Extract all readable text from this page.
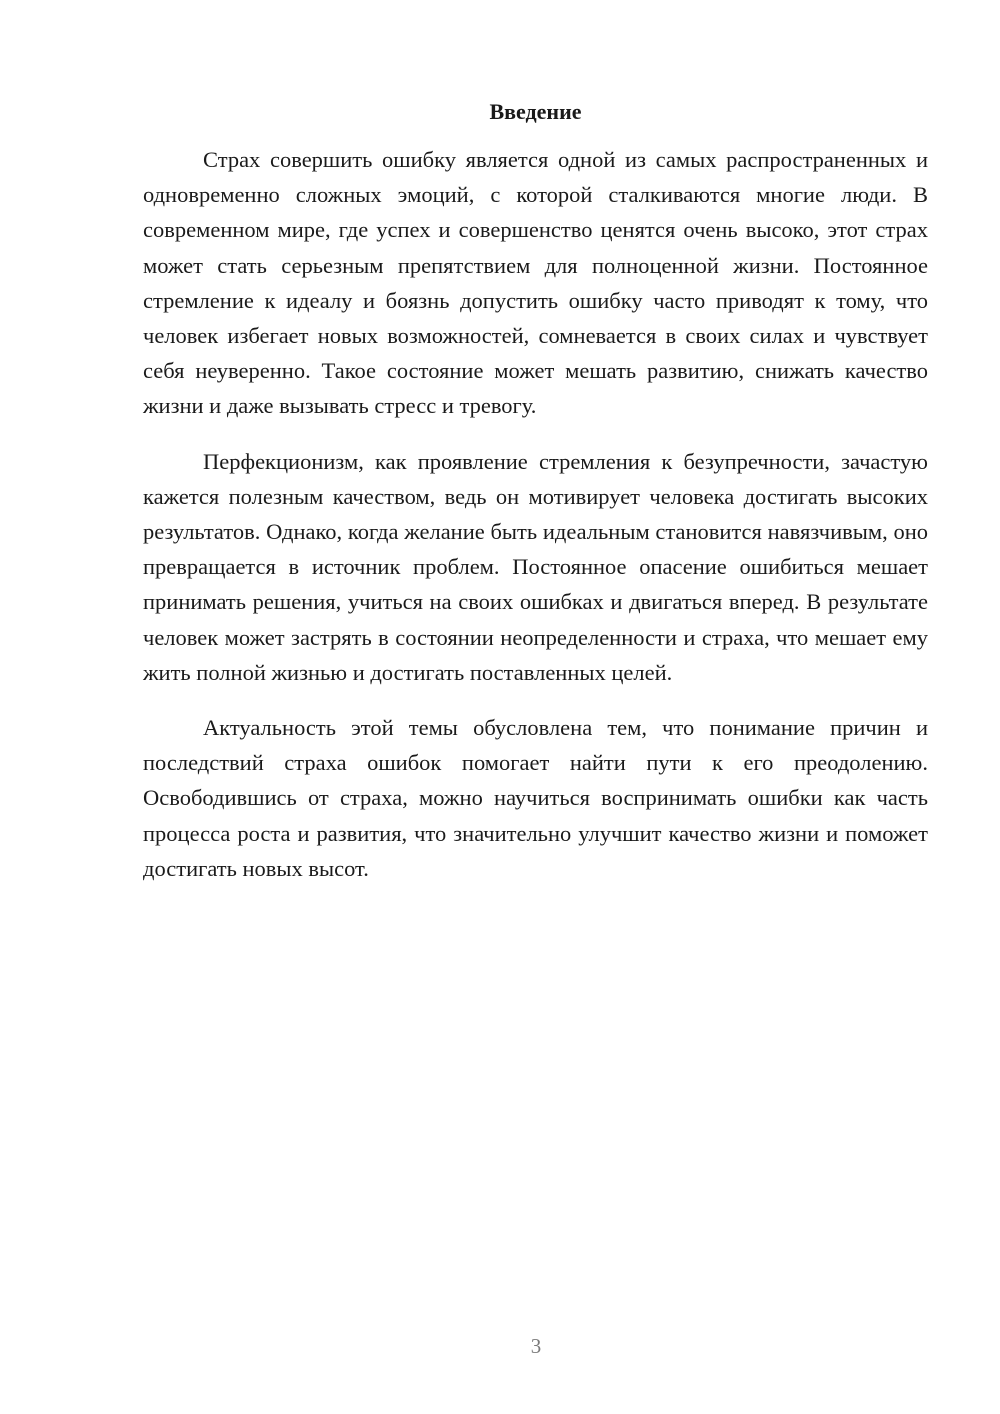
Введение

Страх совершить ошибку является одной из самых распространенных и одновременно сложных эмоций, с которой сталкиваются многие люди. В современном мире, где успех и совершенство ценятся очень высоко, этот страх может стать серьезным препятствием для полноценной жизни. Постоянное стремление к идеалу и боязнь допустить ошибку часто приводят к тому, что человек избегает новых возможностей, сомневается в своих силах и чувствует себя неуверенно. Такое состояние может мешать развитию, снижать качество жизни и даже вызывать стресс и тревогу.

Перфекционизм, как проявление стремления к безупречности, зачастую кажется полезным качеством, ведь он мотивирует человека достигать высоких результатов. Однако, когда желание быть идеальным становится навязчивым, оно превращается в источник проблем. Постоянное опасение ошибиться мешает принимать решения, учиться на своих ошибках и двигаться вперед. В результате человек может застрять в состоянии неопределенности и страха, что мешает ему жить полной жизнью и достигать поставленных целей.

Актуальность этой темы обусловлена тем, что понимание причин и последствий страха ошибок помогает найти пути к его преодолению. Освободившись от страха, можно научиться воспринимать ошибки как часть процесса роста и развития, что значительно улучшит качество жизни и поможет достигать новых высот.

3
